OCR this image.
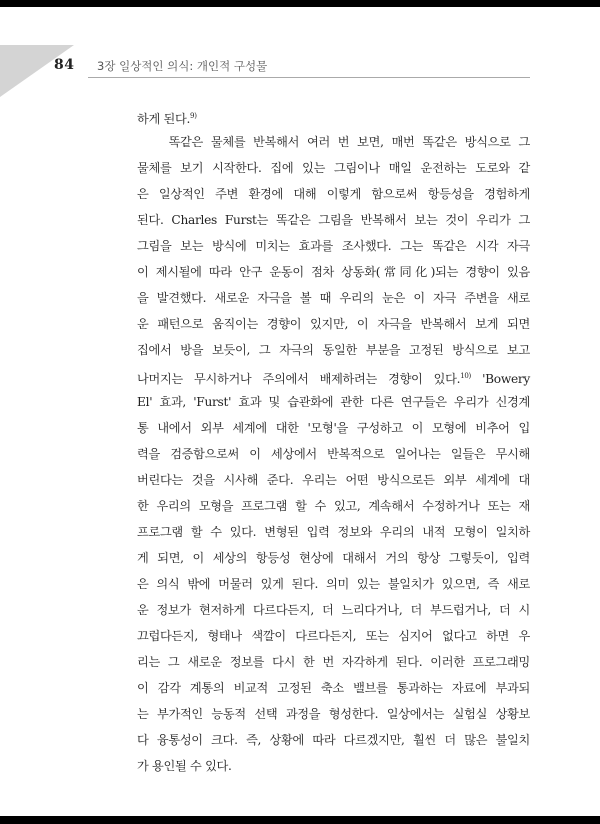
84 3장 일상적인 의식: 개인적 구성물
하게 된다.$^{9)}$
똑같은 물체를 반복해서 여러 번 보면, 매번 똑같은 방식으로 그
물체를 보기 시작한다. 집에 있는 그림이나 매일 운전하는 도로와 같
은 일상적인 주변 환경에 대해 이렇게 함으로써 항등성을 경험하게
된다. Charles Furst는 똑같은 그림을 반복해서 보는 것이 우리가 그
그림을 보는 방식에 미치는 효과를 조사했다. 그는 똑같은 시각 자극
이 제시될에 따라 안구 운동이 점차 상동화(常同化)되는 경향이 있음
을 발견했다. 새로운 자극을 볼 때 우리의 눈은 이 자극 주변을 새로
운 패턴으로 움직이는 경향이 있지만, 이 자극을 반복해서 보게 되면
집에서 방을 보듯이, 그 자극의 동일한 부분을 고정된 방식으로 보고
나머지는 무시하거나 주의에서 배제하려는 경향이 있다.$^{10)}$ 'Bowery
El' 효과, 'Furst' 효과 및 습관화에 관한 다른 연구들은 우리가 신경계
통 내에서 외부 세계에 대한 '모형'을 구성하고 이 모형에 비추어 입
력을 검증함으로써 이 세상에서 반복적으로 일어나는 일들은 무시해
버린다는 것을 시사해 준다. 우리는 어떤 방식으로든 외부 세계에 대
한 우리의 모형을 프로그램 할 수 있고, 계속해서 수정하거나 또는 재
프로그램 할 수 있다. 변형된 입력 정보와 우리의 내적 모형이 일치하
게 되면, 이 세상의 항등성 현상에 대해서 거의 항상 그렇듯이, 입력
은 의식 밖에 머물러 있게 된다. 의미 있는 불일치가 있으면, 즉 새로
운 정보가 현저하게 다르다든지, 더 느리다거나, 더 부드럽거나, 더 시
끄럽다든지, 형태나 색깔이 다르다든지, 또는 심지어 없다고 하면 우
리는 그 새로운 정보를 다시 한 번 자각하게 된다. 이러한 프로그래밍
이 감각 계통의 비교적 고정된 축소 밸브를 통과하는 자료에 부과되
는 부가적인 능동적 선택 과정을 형성한다. 일상에서는 실험실 상황보
다 융통성이 크다. 즉, 상황에 따라 다르겠지만, 훨씬 더 많은 불일치
가 용인될 수 있다.
